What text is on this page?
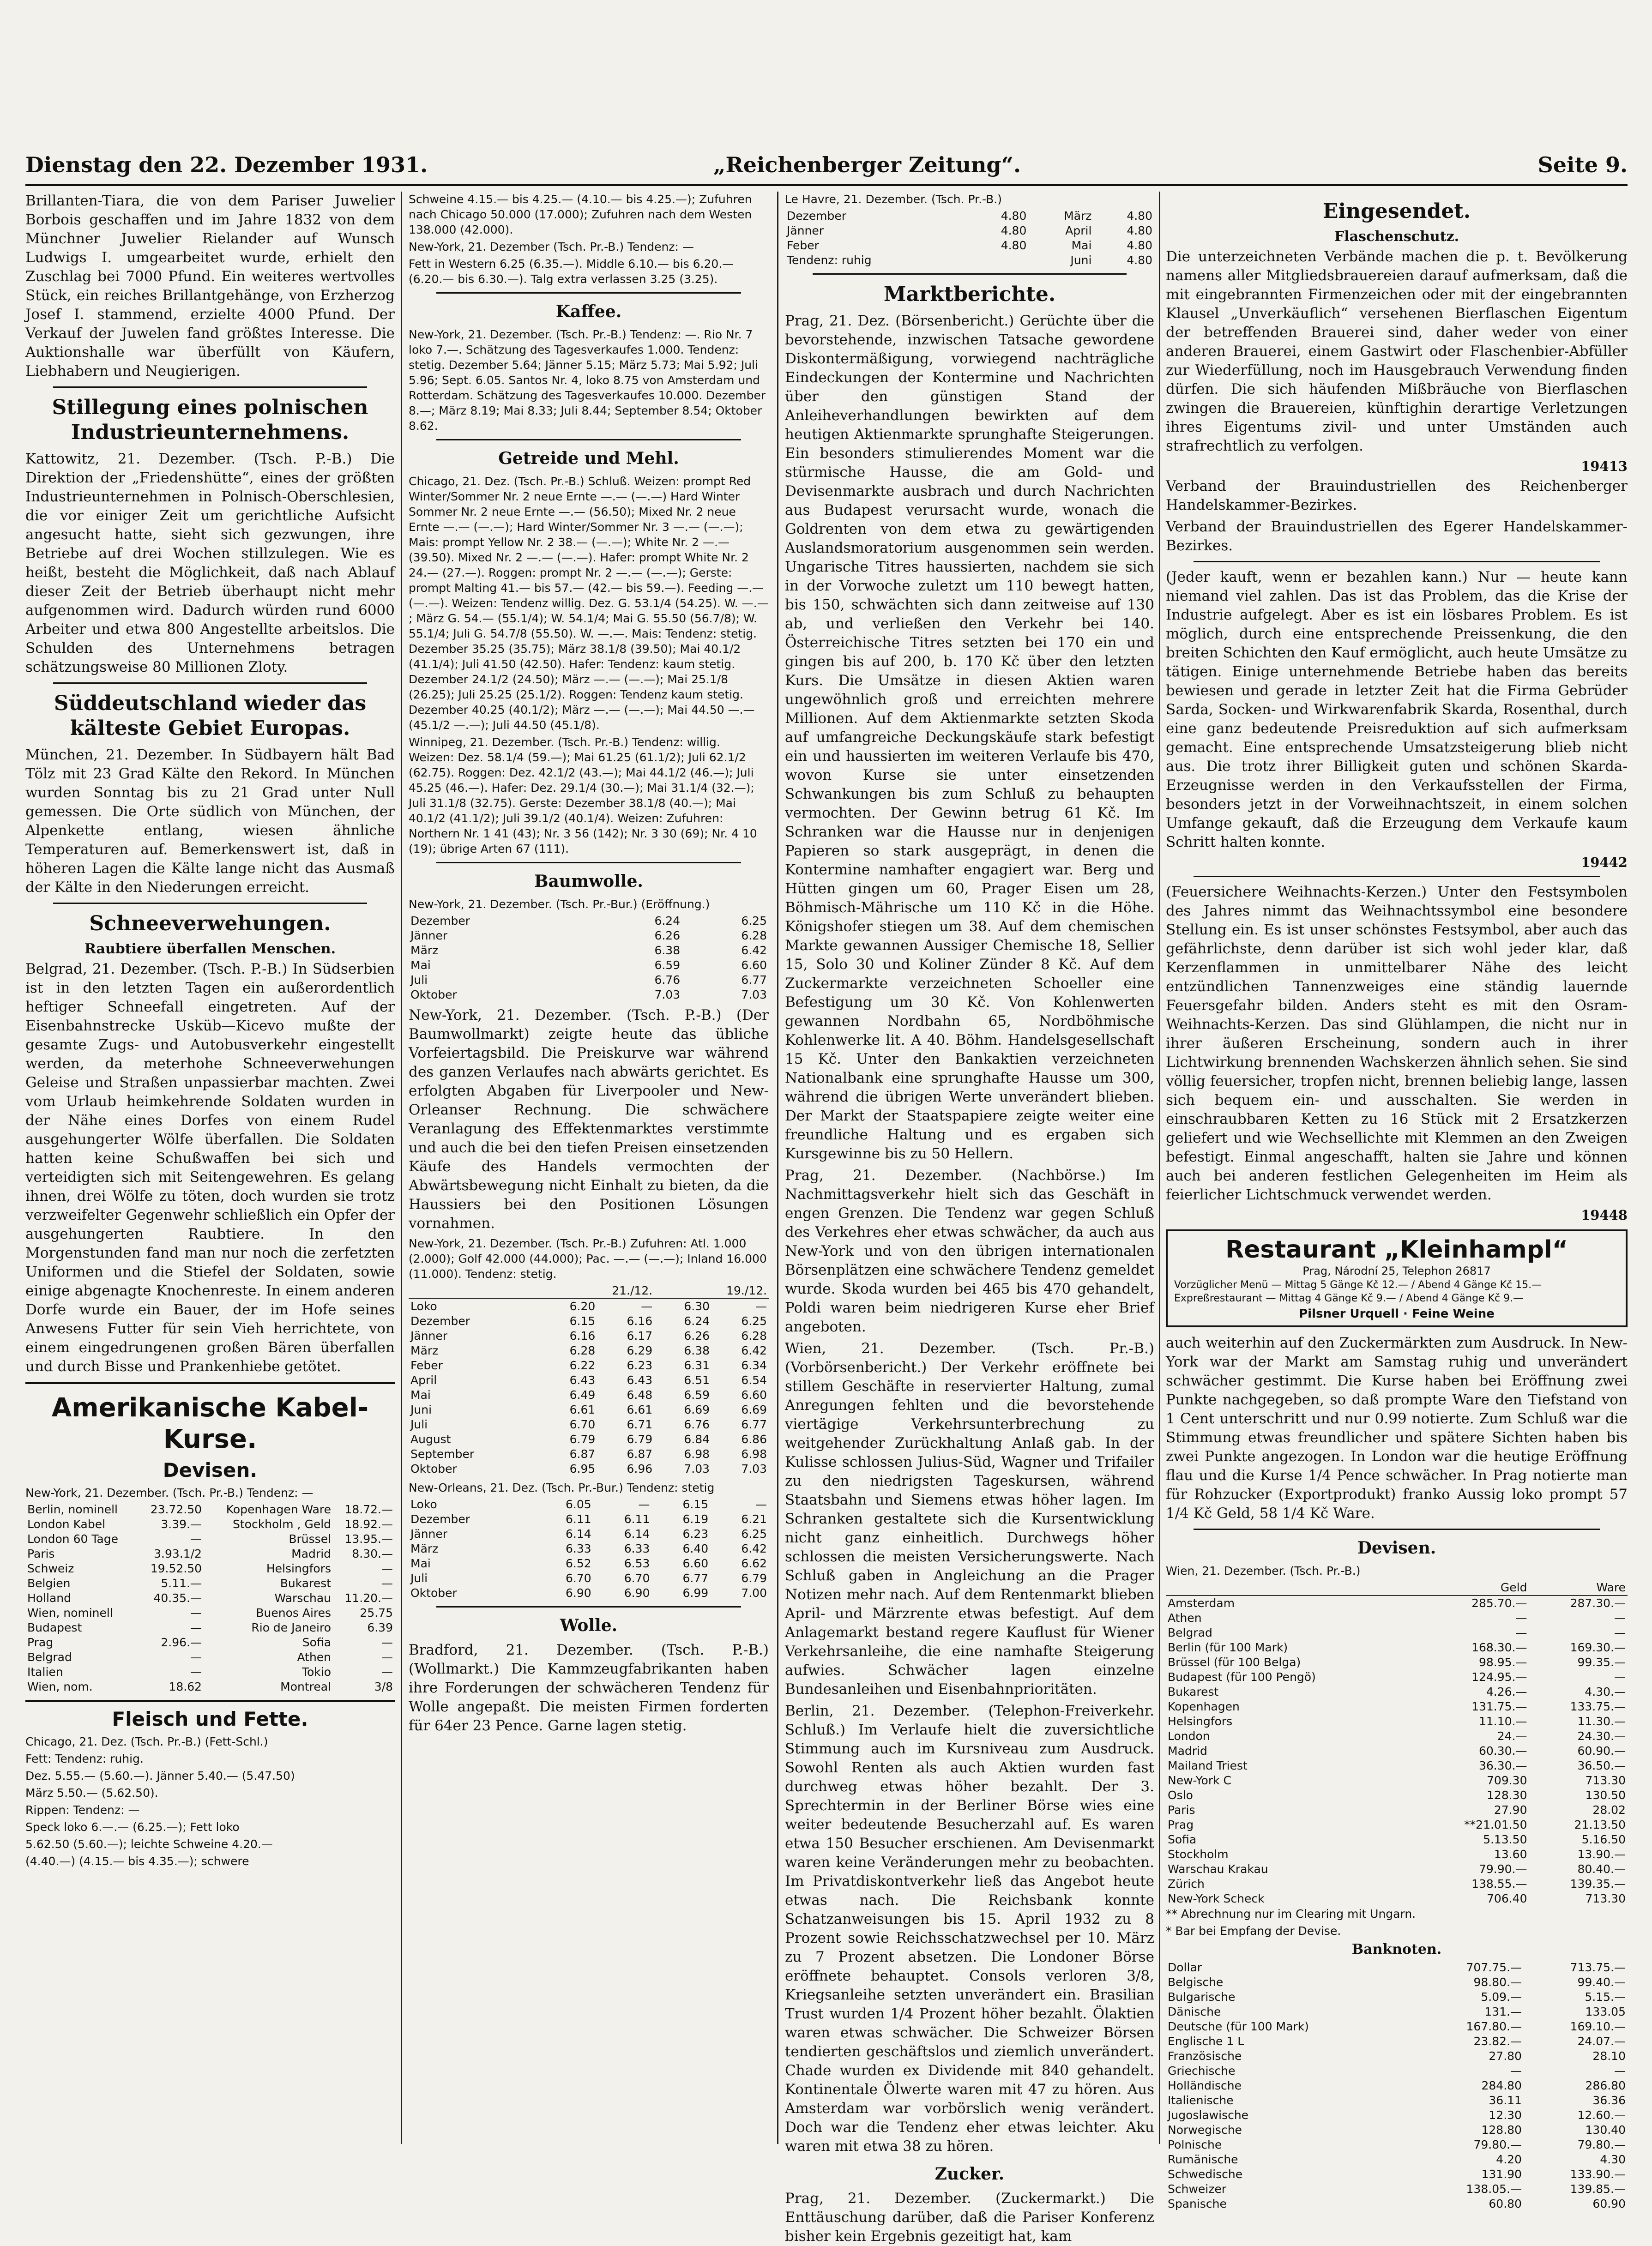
Dienstag den 22. Dezember 1931.	„Reichenberger Zeitung“.	Seite 9.

Brillanten-Tiara, die von dem Pariser Juwelier Borbois geschaffen und im Jahre 1832 von dem Münchner Juwelier Rielander auf Wunsch Ludwigs I. umgearbeitet wurde, erhielt den Zuschlag bei 7000 Pfund. Ein weiteres wertvolles Stück, ein reiches Brillantgehänge, von Erzherzog Josef I. stammend, erzielte 4000 Pfund. Der Verkauf der Juwelen fand größtes Interesse. Die Auktionshalle war überfüllt von Käufern, Liebhabern und Neugierigen.

Stillegung eines polnischen Industrieunternehmens.

Kattowitz, 21. Dezember. (Tsch. P.-B.) Die Direktion der „Friedenshütte“, eines der größten Industrieunternehmen in Polnisch-Oberschlesien, die vor einiger Zeit um gerichtliche Aufsicht angesucht hatte, sieht sich gezwungen, ihre Betriebe auf drei Wochen stillzulegen. Wie es heißt, besteht die Möglichkeit, daß nach Ablauf dieser Zeit der Betrieb überhaupt nicht mehr aufgenommen wird. Dadurch würden rund 6000 Arbeiter und etwa 800 Angestellte arbeitslos. Die Schulden des Unternehmens betragen schätzungsweise 80 Millionen Zloty.

Süddeutschland wieder das kälteste Gebiet Europas.

München, 21. Dezember. In Südbayern hält Bad Tölz mit 23 Grad Kälte den Rekord. In München wurden Sonntag bis zu 21 Grad unter Null gemessen. Die Orte südlich von München, der Alpenkette entlang, wiesen ähnliche Temperaturen auf. Bemerkenswert ist, daß in höheren Lagen die Kälte lange nicht das Ausmaß der Kälte in den Niederungen erreicht.

Schneeverwehungen.
Raubtiere überfallen Menschen.

Belgrad, 21. Dezember. (Tsch. P.-B.) In Südserbien ist in den letzten Tagen ein außerordentlich heftiger Schneefall eingetreten. Auf der Eisenbahnstrecke Usküb—Kicevo mußte der gesamte Zugs- und Autobusverkehr eingestellt werden, da meterhohe Schneeverwehungen Geleise und Straßen unpassierbar machten. Zwei vom Urlaub heimkehrende Soldaten wurden in der Nähe eines Dorfes von einem Rudel ausgehungerter Wölfe überfallen. Die Soldaten hatten keine Schußwaffen bei sich und verteidigten sich mit Seitengewehren. Es gelang ihnen, drei Wölfe zu töten, doch wurden sie trotz verzweifelter Gegenwehr schließlich ein Opfer der ausgehungerten Raubtiere. In den Morgenstunden fand man nur noch die zerfetzten Uniformen und die Stiefel der Soldaten, sowie einige abgenagte Knochenreste. In einem anderen Dorfe wurde ein Bauer, der im Hofe seines Anwesens Futter für sein Vieh herrichtete, von einem eingedrungenen großen Bären überfallen und durch Bisse und Prankenhiebe getötet.

Amerikanische Kabel-Kurse.
Devisen.
New-York, 21. Dezember. (Tsch. Pr.-B.) Tendenz: —
Berlin, nominell	23.72.50	Kopenhagen Ware	18.72.—
London Kabel	3.39.—	Stockholm , Geld	18.92.—
London 60 Tage	—	Brüssel	13.95.—
Paris	3.93.1/2	Madrid	8.30.—
Schweiz	19.52.50	Helsingfors	—
Belgien	5.11.—	Bukarest	—
Holland	40.35.—	Warschau	11.20.—
Wien, nominell	—	Buenos Aires	25.75
Budapest	—	Rio de Janeiro	6.39
Prag	2.96.—	Sofia	—
Belgrad	—	Athen	—
Italien	—	Tokio	—
Wien, nom.	18.62	Montreal	3/8
Fleisch und Fette.
Chicago, 21. Dez. (Tsch. Pr.-B.) (Fett-Schl.)
Fett: Tendenz: ruhig.
Dez. 5.55.— (5.60.—). Jänner 5.40.— (5.47.50)
März 5.50.— (5.62.50).
Rippen: Tendenz: —
Speck loko 6.—.— (6.25.—); Fett loko
5.62.50 (5.60.—); leichte Schweine 4.20.—
(4.40.—) (4.15.— bis 4.35.—); schwere
Schweine 4.15.— bis 4.25.— (4.10.— bis 4.25.—); Zufuhren nach Chicago 50.000 (17.000); Zufuhren nach dem Westen 138.000 (42.000).
New-York, 21. Dezember (Tsch. Pr.-B.) Tendenz: —
Fett in Western 6.25 (6.35.—). Middle 6.10.— bis 6.20.— (6.20.— bis 6.30.—). Talg extra verlassen 3.25 (3.25).
Kaffee.
New-York, 21. Dezember. (Tsch. Pr.-B.) Tendenz: —. Rio Nr. 7 loko 7.—. Schätzung des Tagesverkaufes 1.000. Tendenz: stetig. Dezember 5.64; Jänner 5.15; März 5.73; Mai 5.92; Juli 5.96; Sept. 6.05. Santos Nr. 4, loko 8.75 von Amsterdam und Rotterdam. Schätzung des Tagesverkaufes 10.000. Dezember 8.—; März 8.19; Mai 8.33; Juli 8.44; September 8.54; Oktober 8.62.
Getreide und Mehl.
Chicago, 21. Dez. (Tsch. Pr.-B.) Schluß. Weizen: prompt Red Winter/Sommer Nr. 2 neue Ernte —.— (—.—) Hard Winter Sommer Nr. 2 neue Ernte —.— (56.50); Mixed Nr. 2 neue Ernte —.— (—.—); Hard Winter/Sommer Nr. 3 —.— (—.—); Mais: prompt Yellow Nr. 2 38.— (—.—); White Nr. 2 —.— (39.50). Mixed Nr. 2 —.— (—.—). Hafer: prompt White Nr. 2 24.— (27.—). Roggen: prompt Nr. 2 —.— (—.—); Gerste: prompt Malting 41.— bis 57.— (42.— bis 59.—). Feeding —.— (—.—). Weizen: Tendenz willig. Dez. G. 53.1/4 (54.25). W. —.— ; März G. 54.— (55.1/4); W. 54.1/4; Mai G. 55.50 (56.7/8); W. 55.1/4; Juli G. 54.7/8 (55.50). W. —.—. Mais: Tendenz: stetig. Dezember 35.25 (35.75); März 38.1/8 (39.50); Mai 40.1/2 (41.1/4); Juli 41.50 (42.50). Hafer: Tendenz: kaum stetig. Dezember 24.1/2 (24.50); März —.— (—.—); Mai 25.1/8 (26.25); Juli 25.25 (25.1/2). Roggen: Tendenz kaum stetig. Dezember 40.25 (40.1/2); März —.— (—.—); Mai 44.50 —.— (45.1/2 —.—); Juli 44.50 (45.1/8).
Winnipeg, 21. Dezember. (Tsch. Pr.-B.) Tendenz: willig. Weizen: Dez. 58.1/4 (59.—); Mai 61.25 (61.1/2); Juli 62.1/2 (62.75). Roggen: Dez. 42.1/2 (43.—); Mai 44.1/2 (46.—); Juli 45.25 (46.—). Hafer: Dez. 29.1/4 (30.—); Mai 31.1/4 (32.—); Juli 31.1/8 (32.75). Gerste: Dezember 38.1/8 (40.—); Mai 40.1/2 (41.1/2); Juli 39.1/2 (40.1/4). Weizen: Zufuhren: Northern Nr. 1 41 (43); Nr. 3 56 (142); Nr. 3 30 (69); Nr. 4 10 (19); übrige Arten 67 (111).
Baumwolle.
New-York, 21. Dezember. (Tsch. Pr.-Bur.) (Eröffnung.)
Dezember	6.24	6.25
Jänner	6.26	6.28
März	6.38	6.42
Mai	6.59	6.60
Juli	6.76	6.77
Oktober	7.03	7.03

New-York, 21. Dezember. (Tsch. P.-B.) (Der Baumwollmarkt) zeigte heute das übliche Vorfeiertagsbild. Die Preiskurve war während des ganzen Verlaufes nach abwärts gerichtet. Es erfolgten Abgaben für Liverpooler und New-Orleanser Rechnung. Die schwächere Veranlagung des Effektenmarktes verstimmte und auch die bei den tiefen Preisen einsetzenden Käufe des Handels vermochten der Abwärtsbewegung nicht Einhalt zu bieten, da die Haussiers bei den Positionen Lösungen vornahmen.

New-York, 21. Dezember. (Tsch. Pr.-B.) Zufuhren: Atl. 1.000 (2.000); Golf 42.000 (44.000); Pac. —.— (—.—); Inland 16.000 (11.000). Tendenz: stetig.
	21./12.		19./12.	
Loko	6.20	—	6.30	—
Dezember	6.15	6.16	6.24	6.25
Jänner	6.16	6.17	6.26	6.28
März	6.28	6.29	6.38	6.42
Feber	6.22	6.23	6.31	6.34
April	6.43	6.43	6.51	6.54
Mai	6.49	6.48	6.59	6.60
Juni	6.61	6.61	6.69	6.69
Juli	6.70	6.71	6.76	6.77
August	6.79	6.79	6.84	6.86
September	6.87	6.87	6.98	6.98
Oktober	6.95	6.96	7.03	7.03
New-Orleans, 21. Dez. (Tsch. Pr.-Bur.) Tendenz: stetig
Loko	6.05	—	6.15	—
Dezember	6.11	6.11	6.19	6.21
Jänner	6.14	6.14	6.23	6.25
März	6.33	6.33	6.40	6.42
Mai	6.52	6.53	6.60	6.62
Juli	6.70	6.70	6.77	6.79
Oktober	6.90	6.90	6.99	7.00
Wolle.

Bradford, 21. Dezember. (Tsch. P.-B.) (Wollmarkt.) Die Kammzeugfabrikanten haben ihre Forderungen der schwächeren Tendenz für Wolle angepaßt. Die meisten Firmen forderten für 64er 23 Pence. Garne lagen stetig.

Le Havre, 21. Dezember. (Tsch. Pr.-B.)
Dezember	4.80	März	4.80
Jänner	4.80	April	4.80
Feber	4.80	Mai	4.80
Tendenz: ruhig		Juni	4.80
Marktberichte.

Prag, 21. Dez. (Börsenbericht.) Gerüchte über die bevorstehende, inzwischen Tatsache gewordene Diskontermäßigung, vorwiegend nachträgliche Eindeckungen der Kontermine und Nachrichten über den günstigen Stand der Anleiheverhandlungen bewirkten auf dem heutigen Aktienmarkte sprunghafte Steigerungen. Ein besonders stimulierendes Moment war die stürmische Hausse, die am Gold- und Devisenmarkte ausbrach und durch Nachrichten aus Budapest verursacht wurde, wonach die Goldrenten von dem etwa zu gewärtigenden Auslandsmoratorium ausgenommen sein werden. Ungarische Titres haussierten, nachdem sie sich in der Vorwoche zuletzt um 110 bewegt hatten, bis 150, schwächten sich dann zeitweise auf 130 ab, und verließen den Verkehr bei 140. Österreichische Titres setzten bei 170 ein und gingen bis auf 200, b. 170 Kč über den letzten Kurs. Die Umsätze in diesen Aktien waren ungewöhnlich groß und erreichten mehrere Millionen. Auf dem Aktienmarkte setzten Skoda auf umfangreiche Deckungskäufe stark befestigt ein und haussierten im weiteren Verlaufe bis 470, wovon Kurse sie unter einsetzenden Schwankungen bis zum Schluß zu behaupten vermochten. Der Gewinn betrug 61 Kč. Im Schranken war die Hausse nur in denjenigen Papieren so stark ausgeprägt, in denen die Kontermine namhafter engagiert war. Berg und Hütten gingen um 60, Prager Eisen um 28, Böhmisch-Mährische um 110 Kč in die Höhe. Königshofer stiegen um 38. Auf dem chemischen Markte gewannen Aussiger Chemische 18, Sellier 15, Solo 30 und Koliner Zünder 8 Kč. Auf dem Zuckermarkte verzeichneten Schoeller eine Befestigung um 30 Kč. Von Kohlenwerten gewannen Nordbahn 65, Nordböhmische Kohlenwerke lit. A 40. Böhm. Handelsgesellschaft 15 Kč. Unter den Bankaktien verzeichneten Nationalbank eine sprunghafte Hausse um 300, während die übrigen Werte unverändert blieben. Der Markt der Staatspapiere zeigte weiter eine freundliche Haltung und es ergaben sich Kursgewinne bis zu 50 Hellern.

Prag, 21. Dezember. (Nachbörse.) Im Nachmittagsverkehr hielt sich das Geschäft in engen Grenzen. Die Tendenz war gegen Schluß des Verkehres eher etwas schwächer, da auch aus New-York und von den übrigen internationalen Börsenplätzen eine schwächere Tendenz gemeldet wurde. Skoda wurden bei 465 bis 470 gehandelt, Poldi waren beim niedrigeren Kurse eher Brief angeboten.

Wien, 21. Dezember. (Tsch. Pr.-B.) (Vorbörsenbericht.) Der Verkehr eröffnete bei stillem Geschäfte in reservierter Haltung, zumal Anregungen fehlten und die bevorstehende viertägige Verkehrsunterbrechung zu weitgehender Zurückhaltung Anlaß gab. In der Kulisse schlossen Julius-Süd, Wagner und Trifailer zu den niedrigsten Tageskursen, während Staatsbahn und Siemens etwas höher lagen. Im Schranken gestaltete sich die Kursentwicklung nicht ganz einheitlich. Durchwegs höher schlossen die meisten Versicherungswerte. Nach Schluß gaben in Angleichung an die Prager Notizen mehr nach. Auf dem Rentenmarkt blieben April- und Märzrente etwas befestigt. Auf dem Anlagemarkt bestand regere Kauflust für Wiener Verkehrsanleihe, die eine namhafte Steigerung aufwies. Schwächer lagen einzelne Bundesanleihen und Eisenbahnprioritäten.

Berlin, 21. Dezember. (Telephon-Freiverkehr. Schluß.) Im Verlaufe hielt die zuversichtliche Stimmung auch im Kursniveau zum Ausdruck. Sowohl Renten als auch Aktien wurden fast durchweg etwas höher bezahlt. Der 3. Sprechtermin in der Berliner Börse wies eine weiter bedeutende Besucherzahl auf. Es waren etwa 150 Besucher erschienen. Am Devisenmarkt waren keine Veränderungen mehr zu beobachten. Im Privatdiskontverkehr ließ das Angebot heute etwas nach. Die Reichsbank konnte Schatzanweisungen bis 15. April 1932 zu 8 Prozent sowie Reichsschatzwechsel per 10. März zu 7 Prozent absetzen. Die Londoner Börse eröffnete behauptet. Consols verloren 3/8, Kriegsanleihe setzten unverändert ein. Brasilian Trust wurden 1/4 Prozent höher bezahlt. Ölaktien waren etwas schwächer. Die Schweizer Börsen tendierten geschäftslos und ziemlich unverändert. Chade wurden ex Dividende mit 840 gehandelt. Kontinentale Ölwerte waren mit 47 zu hören. Aus Amsterdam war vorbörslich wenig verändert. Doch war die Tendenz eher etwas leichter. Aku waren mit etwa 38 zu hören.

Zucker.

Prag, 21. Dezember. (Zuckermarkt.) Die Enttäuschung darüber, daß die Pariser Konferenz bisher kein Ergebnis gezeitigt hat, kam

Eingesendet.
Flaschenschutz.

Die unterzeichneten Verbände machen die p. t. Bevölkerung namens aller Mitgliedsbrauereien darauf aufmerksam, daß die mit eingebrannten Firmenzeichen oder mit der eingebrannten Klausel „Unverkäuflich“ versehenen Bierflaschen Eigentum der betreffenden Brauerei sind, daher weder von einer anderen Brauerei, einem Gastwirt oder Flaschenbier-Abfüller zur Wiederfüllung, noch im Hausgebrauch Verwendung finden dürfen. Die sich häufenden Mißbräuche von Bierflaschen zwingen die Brauereien, künftighin derartige Verletzungen ihres Eigentums zivil- und unter Umständen auch strafrechtlich zu verfolgen.

19413

Verband der Brauindustriellen des Reichenberger Handelskammer-Bezirkes.

Verband der Brauindustriellen des Egerer Handelskammer-Bezirkes.

(Jeder kauft, wenn er bezahlen kann.) Nur — heute kann niemand viel zahlen. Das ist das Problem, das die Krise der Industrie aufgelegt. Aber es ist ein lösbares Problem. Es ist möglich, durch eine entsprechende Preissenkung, die den breiten Schichten den Kauf ermöglicht, auch heute Umsätze zu tätigen. Einige unternehmende Betriebe haben das bereits bewiesen und gerade in letzter Zeit hat die Firma Gebrüder Sarda, Socken- und Wirkwarenfabrik Skarda, Rosenthal, durch eine ganz bedeutende Preisreduktion auf sich aufmerksam gemacht. Eine entsprechende Umsatzsteigerung blieb nicht aus. Die trotz ihrer Billigkeit guten und schönen Skarda-Erzeugnisse werden in den Verkaufsstellen der Firma, besonders jetzt in der Vorweihnachtszeit, in einem solchen Umfange gekauft, daß die Erzeugung dem Verkaufe kaum Schritt halten konnte.

19442

(Feuersichere Weihnachts-Kerzen.) Unter den Festsymbolen des Jahres nimmt das Weihnachtssymbol eine besondere Stellung ein. Es ist unser schönstes Festsymbol, aber auch das gefährlichste, denn darüber ist sich wohl jeder klar, daß Kerzenflammen in unmittelbarer Nähe des leicht entzündlichen Tannenzweiges eine ständig lauernde Feuersgefahr bilden. Anders steht es mit den Osram-Weihnachts-Kerzen. Das sind Glühlampen, die nicht nur in ihrer äußeren Erscheinung, sondern auch in ihrer Lichtwirkung brennenden Wachskerzen ähnlich sehen. Sie sind völlig feuersicher, tropfen nicht, brennen beliebig lange, lassen sich bequem ein- und ausschalten. Sie werden in einschraubbaren Ketten zu 16 Stück mit 2 Ersatzkerzen geliefert und wie Wechsellichte mit Klemmen an den Zweigen befestigt. Einmal angeschafft, halten sie Jahre und können auch bei anderen festlichen Gelegenheiten im Heim als feierlicher Lichtschmuck verwendet werden.

19448
Restaurant „Kleinhampl“
Prag, Národní 25, Telephon 26817
Vorzüglicher Menü — Mittag 5 Gänge Kč 12.— / Abend 4 Gänge Kč 15.—
Expreßrestaurant — Mittag 4 Gänge Kč 9.— / Abend 4 Gänge Kč 9.—
Pilsner Urquell · Feine Weine

auch weiterhin auf den Zuckermärkten zum Ausdruck. In New-York war der Markt am Samstag ruhig und unverändert schwächer gestimmt. Die Kurse haben bei Eröffnung zwei Punkte nachgegeben, so daß prompte Ware den Tiefstand von 1 Cent unterschritt und nur 0.99 notierte. Zum Schluß war die Stimmung etwas freundlicher und spätere Sichten haben bis zwei Punkte angezogen. In London war die heutige Eröffnung flau und die Kurse 1/4 Pence schwächer. In Prag notierte man für Rohzucker (Exportprodukt) franko Aussig loko prompt 57 1/4 Kč Geld, 58 1/4 Kč Ware.

Devisen.
Wien, 21. Dezember. (Tsch. Pr.-B.)
	Geld	Ware
Amsterdam	285.70.—	287.30.—
Athen	—	—
Belgrad	—	—
Berlin (für 100 Mark)	168.30.—	169.30.—
Brüssel (für 100 Belga)	98.95.—	99.35.—
Budapest (für 100 Pengö)	124.95.—	—
Bukarest	4.26.—	4.30.—
Kopenhagen	131.75.—	133.75.—
Helsingfors	11.10.—	11.30.—
London	24.—	24.30.—
Madrid	60.30.—	60.90.—
Mailand Triest	36.30.—	36.50.—
New-York C	709.30	713.30
Oslo	128.30	130.50
Paris	27.90	28.02
Prag	**21.01.50	21.13.50
Sofia	5.13.50	5.16.50
Stockholm	13.60	13.90.—
Warschau Krakau	79.90.—	80.40.—
Zürich	138.55.—	139.35.—
New-York Scheck	706.40	713.30
** Abrechnung nur im Clearing mit Ungarn.
* Bar bei Empfang der Devise.
Banknoten.
Dollar	707.75.—	713.75.—
Belgische	98.80.—	99.40.—
Bulgarische	5.09.—	5.15.—
Dänische	131.—	133.05
Deutsche (für 100 Mark)	167.80.—	169.10.—
Englische 1 L	23.82.—	24.07.—
Französische	27.80	28.10
Griechische	—	—
Holländische	284.80	286.80
Italienische	36.11	36.36
Jugoslawische	12.30	12.60.—
Norwegische	128.80	130.40
Polnische	79.80.—	79.80.—
Rumänische	4.20	4.30
Schwedische	131.90	133.90.—
Schweizer	138.05.—	139.85.—
Spanische	60.80	60.90
